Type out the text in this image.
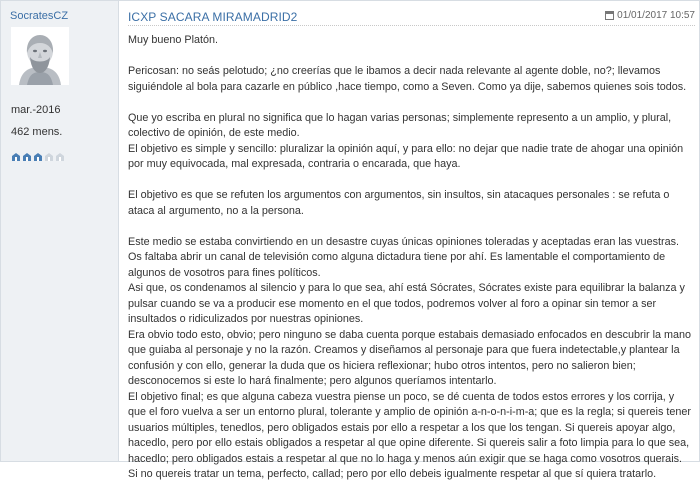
SocratesCZ
mar.-2016
462 mens.
ICXP SACARA MIRAMADRID2	01/01/2017 10:57

Muy bueno Platón.

Pericosan: no seás pelotudo; ¿no creerías que le ibamos a decir nada relevante al agente doble, no?; llevamos siguiéndole al bola para cazarle en público ,hace tiempo, como a Seven. Como ya dije, sabemos quienes sois todos.

Que yo escriba en plural no significa que lo hagan varias personas; simplemente represento a un amplio, y plural, colectivo de opinión, de este medio.
El objetivo es simple y sencillo: pluralizar la opinión aquí, y para ello: no dejar que nadie trate de ahogar una opinión por muy equivocada, mal expresada, contraria o encarada, que haya.

El objetivo es que se refuten los argumentos con argumentos, sin insultos, sin atacaques personales : se refuta o ataca al argumento, no a la persona.

Este medio se estaba convirtiendo en un desastre cuyas únicas opiniones toleradas y aceptadas eran las vuestras. Os faltaba abrir un canal de televisión como alguna dictadura tiene por ahí. Es lamentable el comportamiento de algunos de vosotros para fines políticos.
Asi que, os condenamos al silencio y para lo que sea, ahí está Sócrates, Sócrates existe para equilibrar la balanza y pulsar cuando se va a producir ese momento en el que todos, podremos volver al foro a opinar sin temor a ser insultados o ridiculizados por nuestras opiniones.
Era obvio todo esto, obvio; pero ninguno se daba cuenta porque estabais demasiado enfocados en descubrir la mano que guiaba al personaje y no la razón. Creamos y diseñamos al personaje para que fuera indetectable,y plantear la confusión y con ello, generar la duda que os hiciera reflexionar; hubo otros intentos, pero no salieron bien; desconocemos si este lo hará finalmente; pero algunos queríamos intentarlo.
El objetivo final; es que alguna cabeza vuestra piense un poco, se dé cuenta de todos estos errores y los corrija, y que el foro vuelva a ser un entorno plural, tolerante y amplio de opinión a-n-o-n-i-m-a; que es la regla; si quereis tener usuarios múltiples, tenedlos, pero obligados estais por ello a respetar a los que los tengan. Si quereis apoyar algo, hacedlo, pero por ello estais obligados a respetar al que opine diferente. Si quereis salir a foto limpia para lo que sea, hacedlo; pero obligados estais a respetar al que no lo haga y menos aún exigir que se haga como vosotros querais. Si no quereis tratar un tema, perfecto, callad; pero por ello debeis igualmente respetar al que sí quiera tratarlo.
